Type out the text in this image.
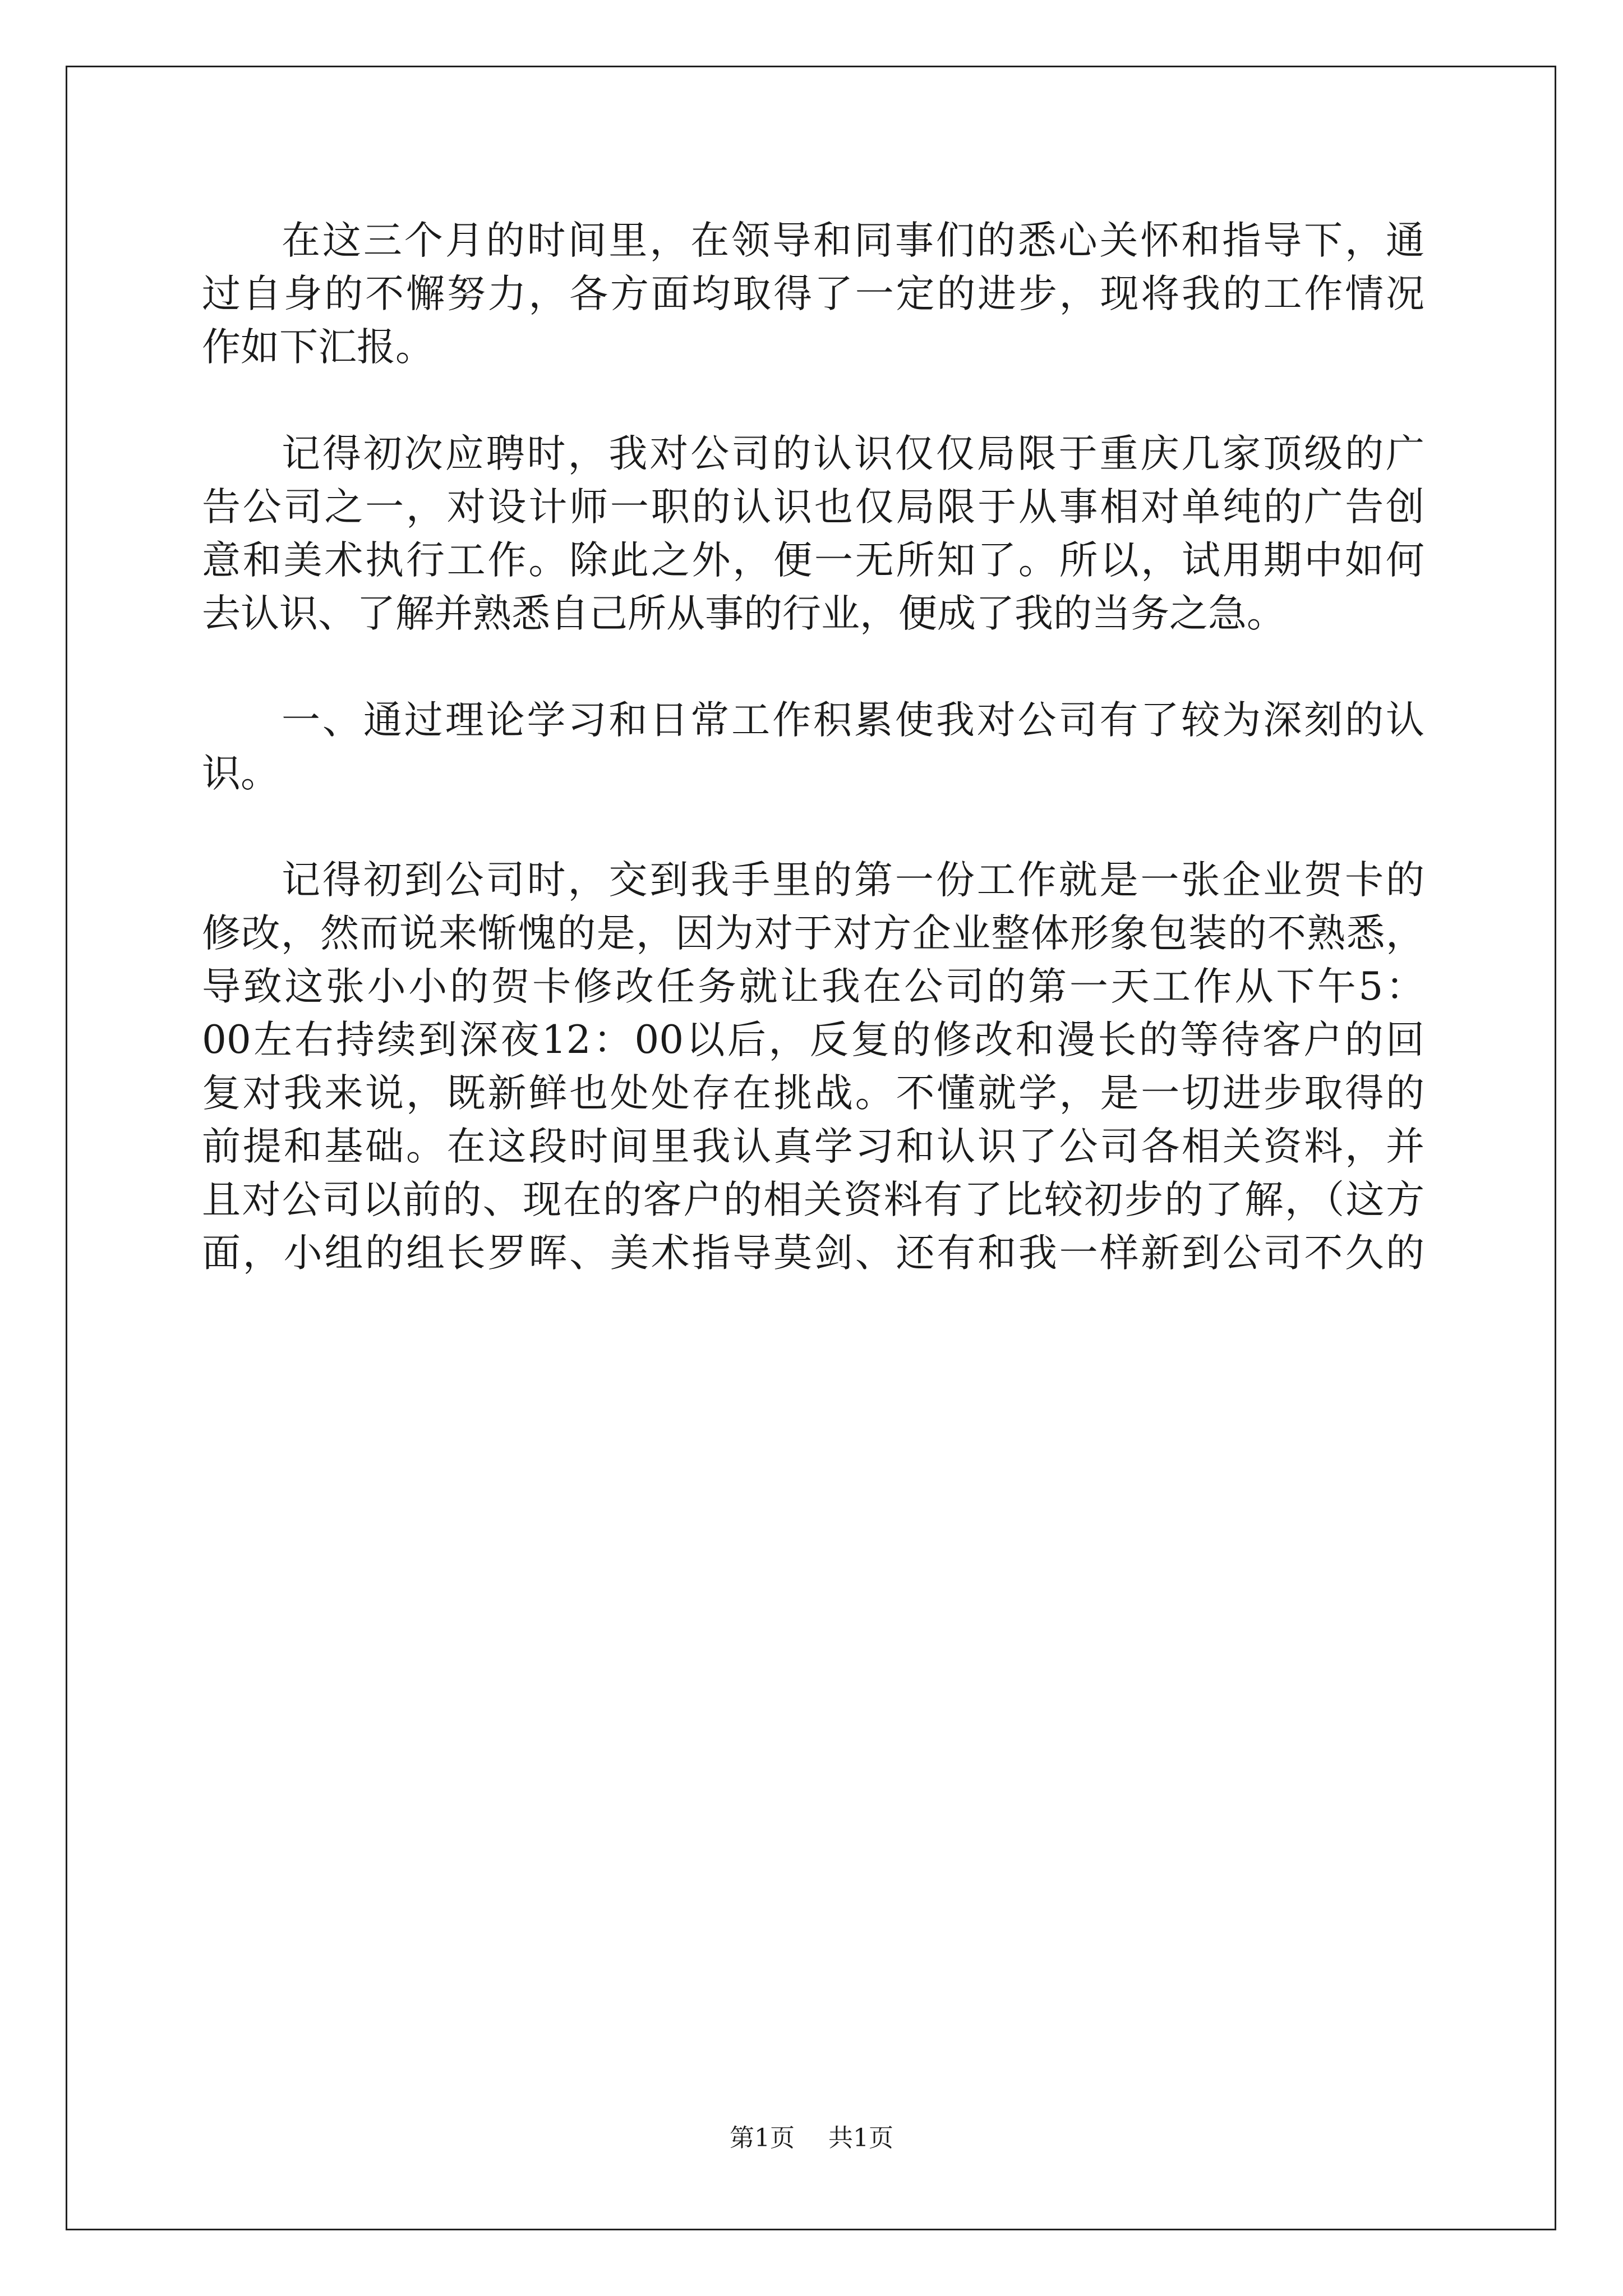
在这三个月的时间里，在领导和同事们的悉心关怀和指导下，通
过自身的不懈努力，各方面均取得了一定的进步，现将我的工作情况
作如下汇报。
记得初次应聘时，我对公司的认识仅仅局限于重庆几家顶级的广
告公司之一，对设计师一职的认识也仅局限于从事相对单纯的广告创
意和美术执行工作。除此之外，便一无所知了。所以，试用期中如何
去认识、了解并熟悉自己所从事的行业，便成了我的当务之急。
一、通过理论学习和日常工作积累使我对公司有了较为深刻的认
识。
记得初到公司时，交到我手里的第一份工作就是一张企业贺卡的
修改，然而说来惭愧的是，因为对于对方企业整体形象包装的不熟悉，
导致这张小小的贺卡修改任务就让我在公司的第一天工作从下午5：
00左右持续到深夜12：00以后，反复的修改和漫长的等待客户的回
复对我来说，既新鲜也处处存在挑战。不懂就学，是一切进步取得的
前提和基础。在这段时间里我认真学习和认识了公司各相关资料，并
且对公司以前的、现在的客户的相关资料有了比较初步的了解，（这方
面，小组的组长罗晖、美术指导莫剑、还有和我一样新到公司不久的
第1页 共1页
